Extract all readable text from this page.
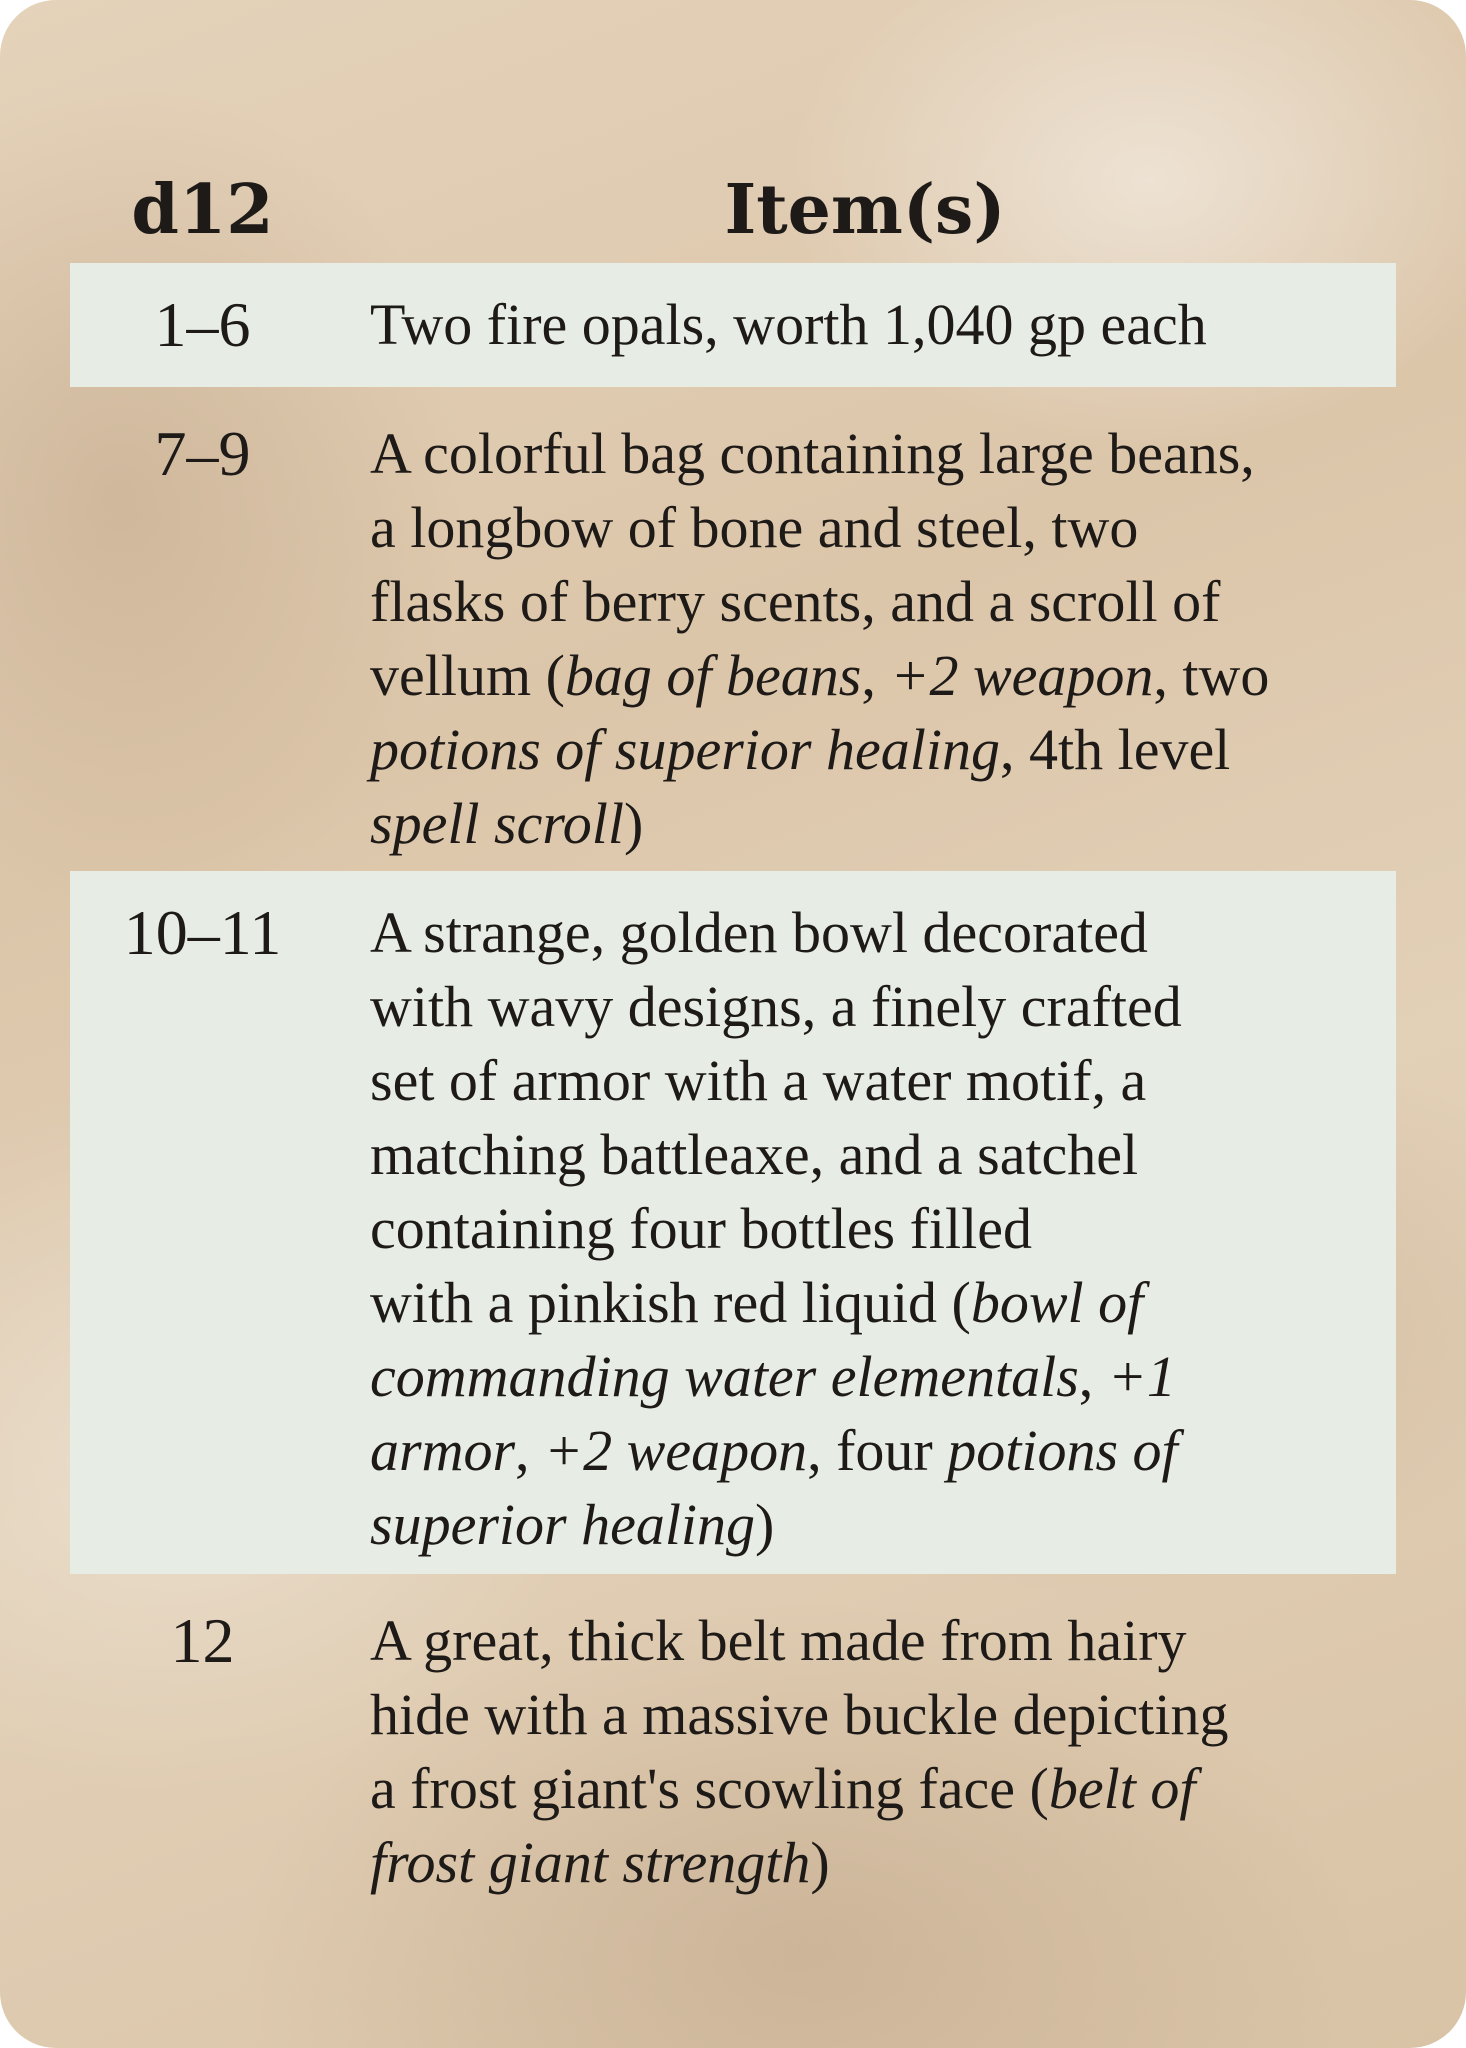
d12	Item(s)
1–6	Two fire opals, worth 1,040 gp each
7–9	A colorful bag containing large beans,
a longbow of bone and steel, two
flasks of berry scents, and a scroll of
vellum (bag of beans, +2 weapon, two
potions of superior healing, 4th level
spell scroll)
10–11	A strange, golden bowl decorated
with wavy designs, a finely crafted
set of armor with a water motif, a
matching battleaxe, and a satchel
containing four bottles filled
with a pinkish red liquid (bowl of
commanding water elementals, +1
armor, +2 weapon, four potions of
superior healing)
12	A great, thick belt made from hairy
hide with a massive buckle depicting
a frost giant's scowling face (belt of
frost giant strength)
